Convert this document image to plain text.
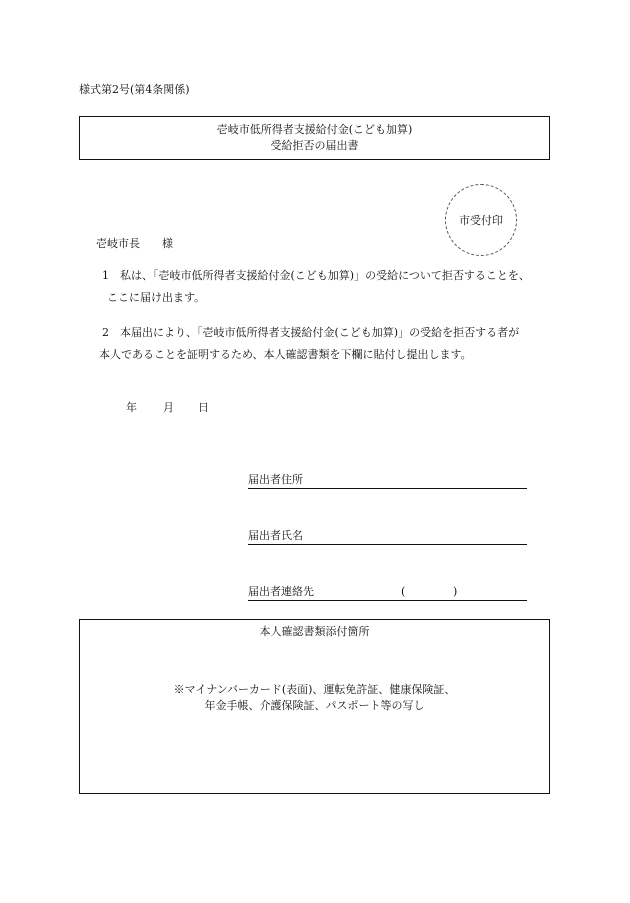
様式第2号(第4条関係)
壱岐市低所得者支援給付金(こども加算)
受給拒否の届出書
市受付印
壱岐市長 様
1 私は、「壱岐市低所得者支援給付金(こども加算)」の受給について拒否することを、
ここに届け出ます。
2 本届出により、「壱岐市低所得者支援給付金(こども加算)」の受給を拒否する者が
本人であることを証明するため、本人確認書類を下欄に貼付し提出します。
年 月 日
届出者住所
届出者氏名
届出者連絡先	(	)
本人確認書類添付箇所
※マイナンバーカード(表面)、運転免許証、健康保険証、
年金手帳、介護保険証、パスポート等の写し
